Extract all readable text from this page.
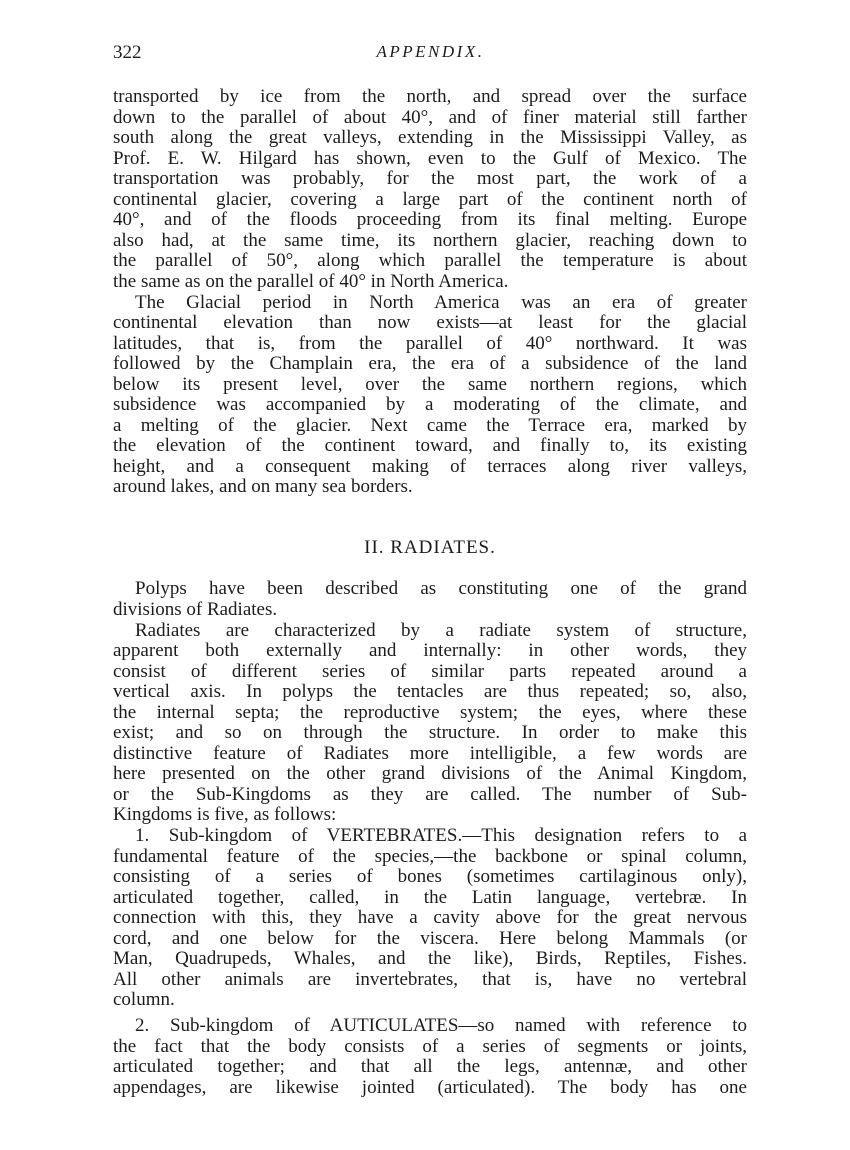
322	APPENDIX.
II. RADIATES.
transported by ice from the north, and spread over the surface
down to the parallel of about 40°, and of finer material still farther
south along the great valleys, extending in the Mississippi Valley, as
Prof. E. W. Hilgard has shown, even to the Gulf of Mexico. The
transportation was probably, for the most part, the work of a
continental glacier, covering a large part of the continent north of
40°, and of the floods proceeding from its final melting. Europe
also had, at the same time, its northern glacier, reaching down to
the parallel of 50°, along which parallel the temperature is about
the same as on the parallel of 40° in North America.
The Glacial period in North America was an era of greater
continental elevation than now exists—at least for the glacial
latitudes, that is, from the parallel of 40° northward. It was
followed by the Champlain era, the era of a subsidence of the land
below its present level, over the same northern regions, which
subsidence was accompanied by a moderating of the climate, and
a melting of the glacier. Next came the Terrace era, marked by
the elevation of the continent toward, and finally to, its existing
height, and a consequent making of terraces along river valleys,
around lakes, and on many sea borders.
Polyps have been described as constituting one of the grand
divisions of Radiates.
Radiates are characterized by a radiate system of structure,
apparent both externally and internally: in other words, they
consist of different series of similar parts repeated around a
vertical axis. In polyps the tentacles are thus repeated; so, also,
the internal septa; the reproductive system; the eyes, where these
exist; and so on through the structure. In order to make this
distinctive feature of Radiates more intelligible, a few words are
here presented on the other grand divisions of the Animal Kingdom,
or the Sub-Kingdoms as they are called. The number of Sub-
Kingdoms is five, as follows:
1. Sub-kingdom of VERTEBRATES.—This designation refers to a
fundamental feature of the species,—the backbone or spinal column,
consisting of a series of bones (sometimes cartilaginous only),
articulated together, called, in the Latin language, vertebræ. In
connection with this, they have a cavity above for the great nervous
cord, and one below for the viscera. Here belong Mammals (or
Man, Quadrupeds, Whales, and the like), Birds, Reptiles, Fishes.
All other animals are invertebrates, that is, have no vertebral
column.
2. Sub-kingdom of AUTICULATES—so named with reference to
the fact that the body consists of a series of segments or joints,
articulated together; and that all the legs, antennæ, and other
appendages, are likewise jointed (articulated). The body has one
